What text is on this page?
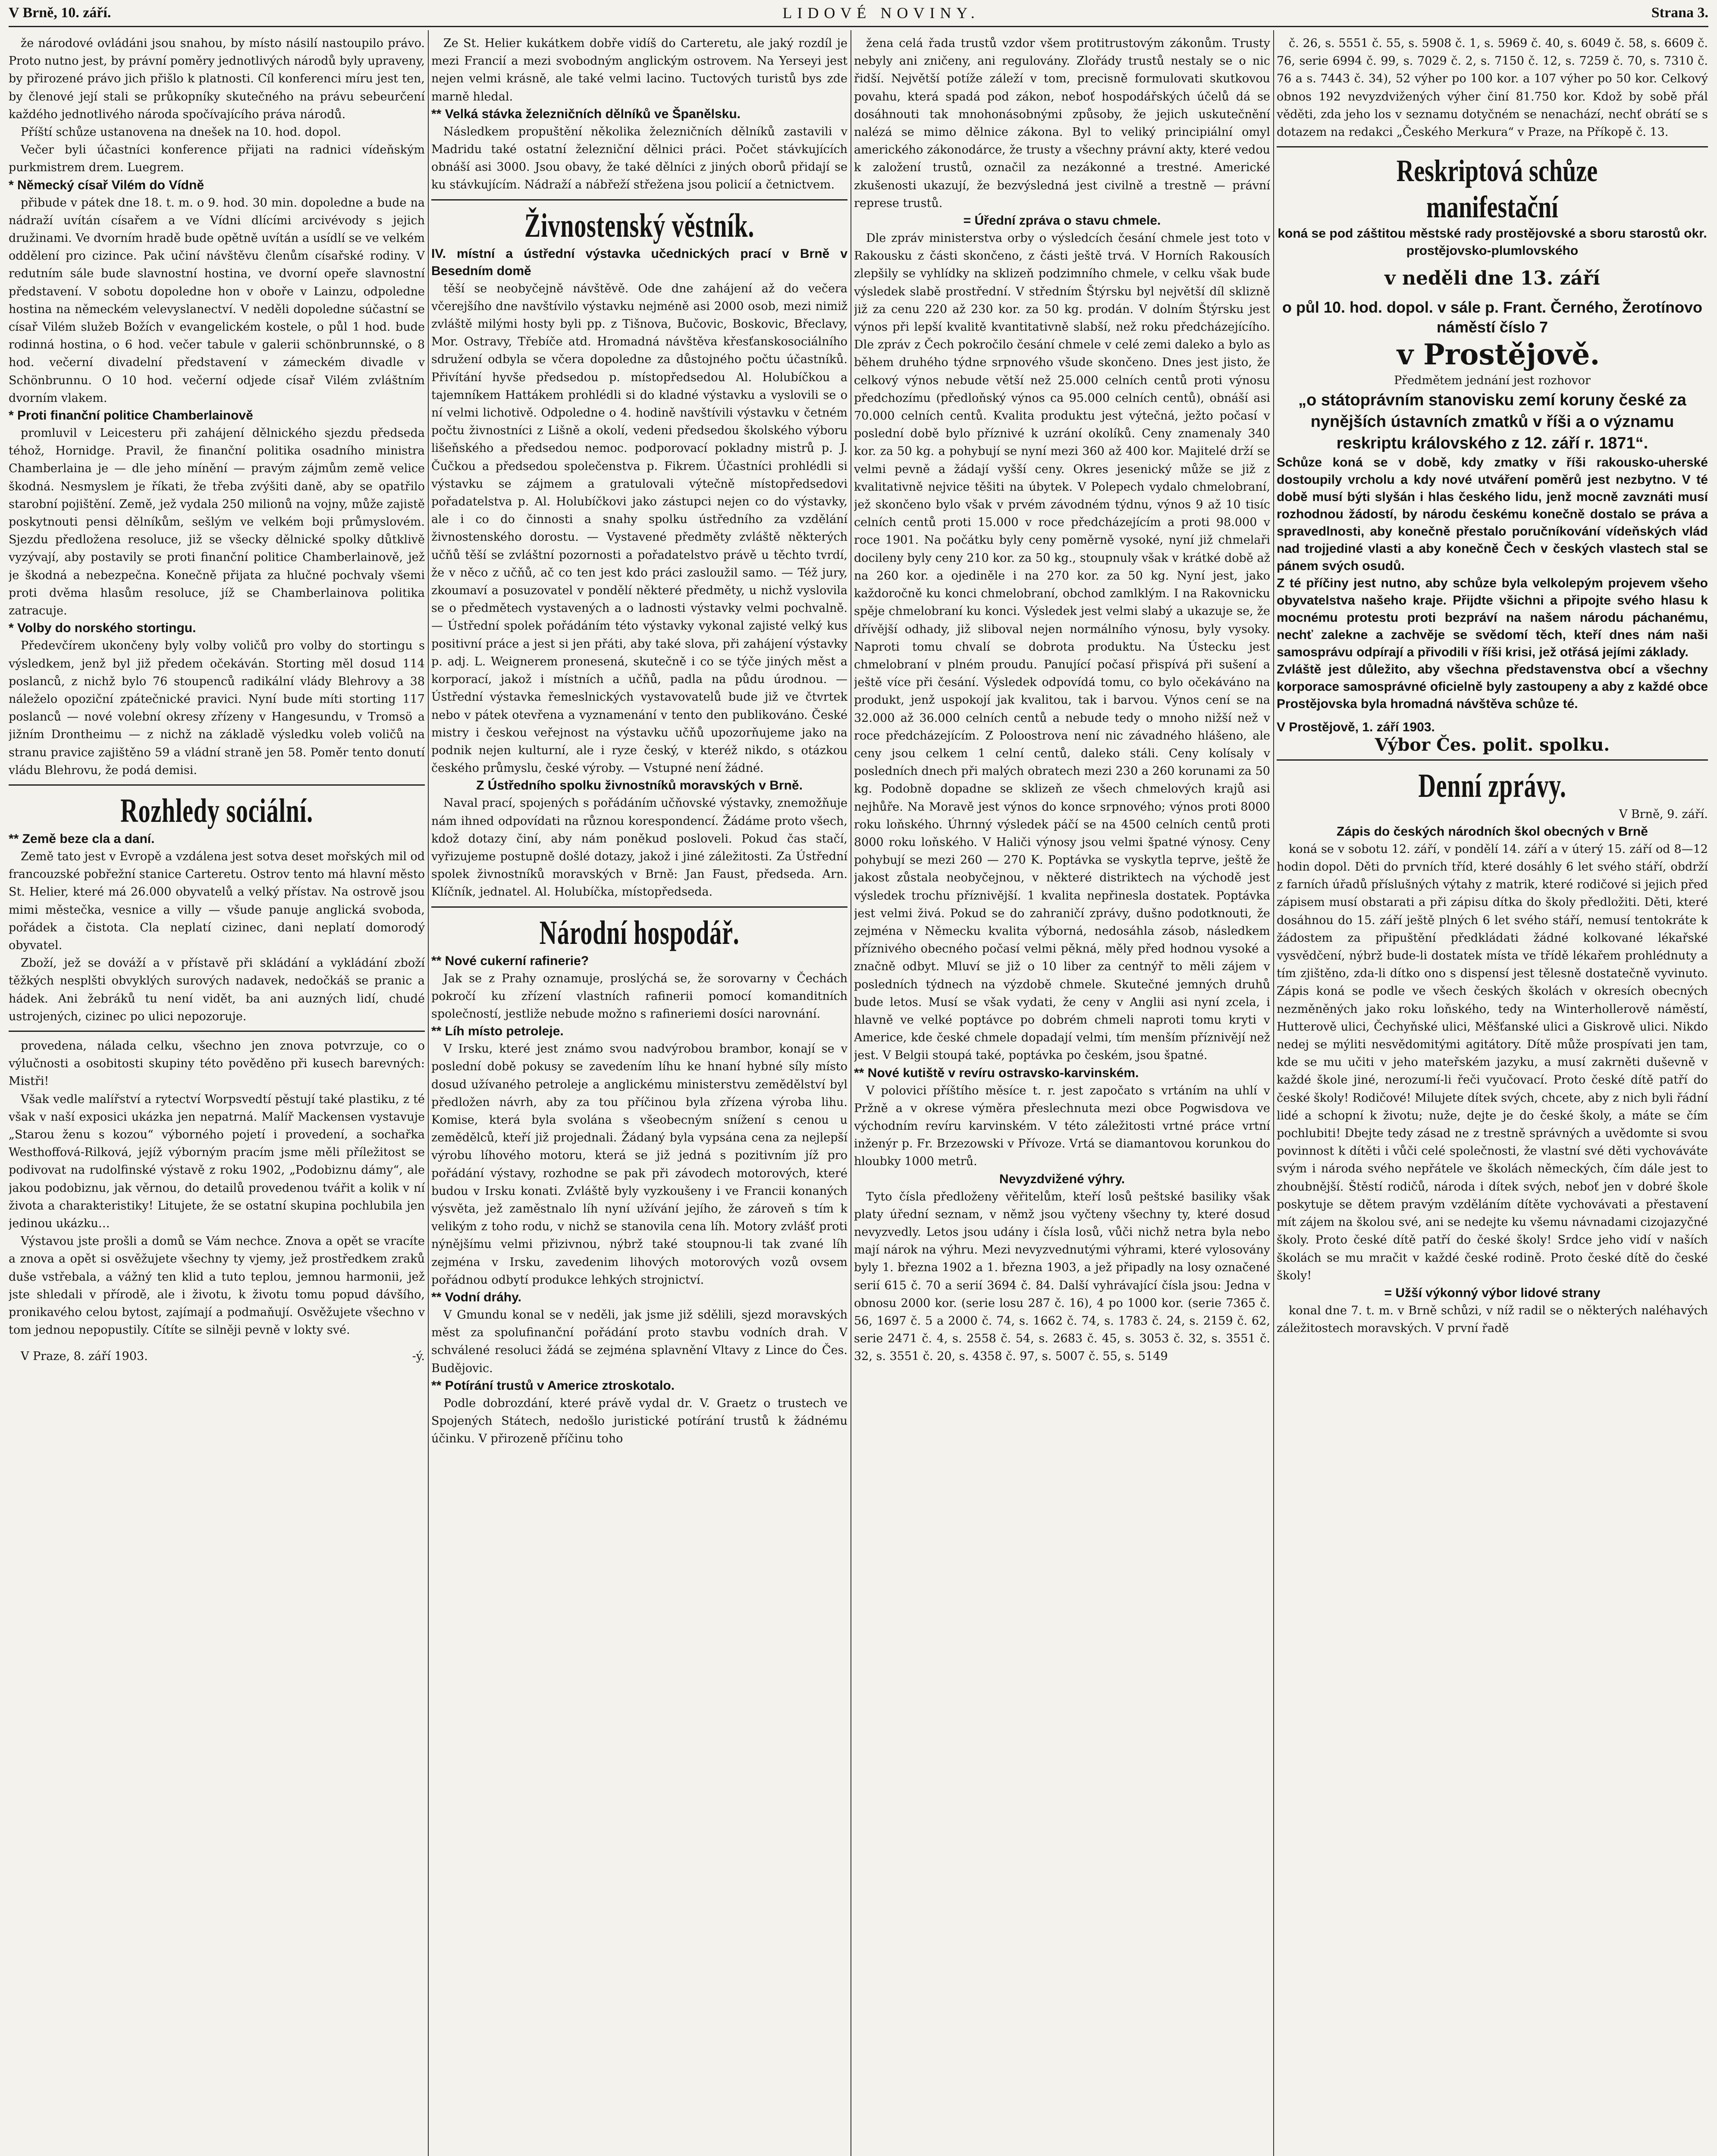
V Brně, 10. září.	LIDOVÉ NOVINY.	Strana 3.

že národové ovládáni jsou snahou, by místo násilí nastoupilo právo. Proto nutno jest, by právní poměry jednotlivých národů byly upraveny, by přirozené právo jich přišlo k platnosti. Cíl konferenci míru jest ten, by členové její stali se průkopníky skutečného na právu sebeurčení každého jednotlivého národa spočívajícího práva národů.

Příští schůze ustanovena na dnešek na 10. hod. dopol.

Večer byli účastníci konference přijati na radnici vídeňským purkmistrem drem. Luegrem.

* Německý císař Vilém do Vídně

přibude v pátek dne 18. t. m. o 9. hod. 30 min. dopoledne a bude na nádraží uvítán císařem a ve Vídni dlícími arcivévody s jejich družinami. Ve dvorním hradě bude opětně uvítán a usídlí se ve velkém oddělení pro cizince. Pak učiní návštěvu členům císařské rodiny. V redutním sále bude slavnostní hostina, ve dvorní opeře slavnostní představení. V sobotu dopoledne hon v oboře v Lainzu, odpoledne hostina na německém velevyslanectví. V neděli dopoledne súčastní se císař Vilém služeb Božích v evangelickém kostele, o půl 1 hod. bude rodinná hostina, o 6 hod. večer tabule v galerii schönbrunnské, o 8 hod. večerní divadelní představení v zámeckém divadle v Schönbrunnu. O 10 hod. večerní odjede císař Vilém zvláštním dvorním vlakem.

* Proti finanční politice Chamberlainově

promluvil v Leicesteru při zahájení dělnického sjezdu předseda téhož, Hornidge. Pravil, že finanční politika osadního ministra Chamberlaina je — dle jeho mínění — pravým zájmům země velice škodná. Nesmyslem je říkati, že třeba zvýšiti daně, aby se opatřilo starobní pojištění. Země, jež vydala 250 milionů na vojny, může zajistě poskytnouti pensi dělníkům, sešlým ve velkém boji průmyslovém. Sjezdu předložena resoluce, již se všecky dělnické spolky důtklivě vyzývají, aby postavily se proti finanční politice Chamberlainově, jež je škodná a nebezpečna. Konečně přijata za hlučné pochvaly všemi proti dvěma hlasům resoluce, jíž se Chamberlainova politika zatracuje.

* Volby do norského stortingu.

Předevčírem ukončeny byly volby voličů pro volby do stortingu s výsledkem, jenž byl již předem očekáván. Storting měl dosud 114 poslanců, z nichž bylo 76 stoupenců radikální vlády Blehrovy a 38 náleželo opoziční zpátečnické pravici. Nyní bude míti storting 117 poslanců — nové volební okresy zřízeny v Hangesundu, v Tromsö a jižním Drontheimu — z nichž na základě výsledku voleb voličů na stranu pravice zajištěno 59 a vládní straně jen 58. Poměr tento donutí vládu Blehrovu, že podá demisi.

Rozhledy sociální.

** Země beze cla a daní.

Země tato jest v Evropě a vzdálena jest sotva deset mořských mil od francouzské pobřežní stanice Carteretu. Ostrov tento má hlavní město St. Helier, které má 26.000 obyvatelů a velký přístav. Na ostrově jsou mimi městečka, vesnice a villy — všude panuje anglická svoboda, pořádek a čistota. Cla neplatí cizinec, dani neplatí domorodý obyvatel.

Zboží, jež se dováží a v přístavě při skládání a vykládání zboží těžkých nesplšti obvyklých surových nadavek, nedočkáš se pranic a hádek. Ani žebráků tu není vidět, ba ani auzných lidí, chudé ustrojených, cizinec po ulici nepozoruje.

provedena, nálada celku, všechno jen znova potvrzuje, co o výlučnosti a osobitosti skupiny této pověděno při kusech barevných: Mistři!

Však vedle malířství a rytectví Worpsvedtí pěstují také plastiku, z té však v naší exposici ukázka jen nepatrná. Malíř Mackensen vystavuje „Starou ženu s kozou“ výborného pojetí i provedení, a sochařka Westhoffová-Rilková, jejíž výborným pracím jsme měli příležitost se podivovat na rudolfinské výstavě z roku 1902, „Podobiznu dámy“, ale jakou podobiznu, jak věrnou, do detailů provedenou tvářit a kolik v ní života a charakteristiky! Litujete, že se ostatní skupina pochlubila jen jedinou ukázku…

Výstavou jste prošli a domů se Vám nechce. Znova a opět se vracíte a znova a opět si osvěžujete všechny ty vjemy, jež prostředkem zraků duše vstřebala, a vážný ten klid a tuto teplou, jemnou harmonii, jež jste shledali v přírodě, ale i životu, k životu tomu popud dávšího, pronikavého celou bytost, zajímají a podmaňují. Osvěžujete všechno v tom jednou nepopustily. Cítíte se silněji pevně v lokty své.

V Praze, 8. září 1903.	-ý.

Ze St. Helier kukátkem dobře vidíš do Carteretu, ale jaký rozdíl je mezi Francií a mezi svobodným anglickým ostrovem. Na Yerseyi jest nejen velmi krásně, ale také velmi lacino. Tuctových turistů bys zde marně hledal.

** Velká stávka železničních dělníků ve Španělsku.

Následkem propuštění několika železničních dělníků zastavili v Madridu také ostatní železniční dělnici práci. Počet stávkujících obnáší asi 3000. Jsou obavy, že také dělníci z jiných oborů přidají se ku stávkujícím. Nádraží a nábřeží střežena jsou policií a četnictvem.

Živnostenský věstník.

IV. místní a ústřední výstavka učednických prací v Brně v Besedním domě

těší se neobyčejně návštěvě. Ode dne zahájení až do večera včerejšího dne navštívilo výstavku nejméně asi 2000 osob, mezi nimiž zvláště milými hosty byli pp. z Tišnova, Bučovic, Boskovic, Břeclavy, Mor. Ostravy, Třebíče atd. Hromadná návštěva křesťanskosociálního sdružení odbyla se včera dopoledne za důstojného počtu účastníků. Přivítání hyvše předsedou p. místopředsedou Al. Holubíčkou a tajemníkem Hattákem prohlédli si do kladné výstavku a vyslovili se o ní velmi lichotivě. Odpoledne o 4. hodině navštívili výstavku v četném počtu živnostníci z Lišně a okolí, vedeni předsedou školského výboru lišeňského a předsedou nemoc. podporovací pokladny mistrů p. J. Čučkou a předsedou společenstva p. Fikrem. Účastníci prohlédli si výstavku se zájmem a gratulovali výtečně místopředsedovi pořadatelstva p. Al. Holubíčkovi jako zástupci nejen co do výstavky, ale i co do činnosti a snahy spolku ústředního za vzdělání živnostenského dorostu. — Vystavené předměty zvláště některých učňů těší se zvláštní pozornosti a pořadatelstvo právě u těchto tvrdí, že v něco z učňů, ač co ten jest kdo práci zasloužil samo. — Též jury, zkoumaví a posuzovatel v pondělí některé předměty, u nichž vyslovila se o předmětech vystavených a o ladnosti výstavky velmi pochvalně. — Ústřední spolek pořádáním této výstavky vykonal zajisté velký kus positivní práce a jest si jen přáti, aby také slova, při zahájení výstavky p. adj. L. Weignerem pronesená, skutečně i co se týče jiných měst a korporací, jakož i místních a učňů, padla na půdu úrodnou. — Ústřední výstavka řemeslnických vystavovatelů bude již ve čtvrtek nebo v pátek otevřena a vyznamenání v tento den publikováno. České mistry i českou veřejnost na výstavku učňů upozorňujeme jako na podnik nejen kulturní, ale i ryze český, v kteréž nikdo, s otázkou českého průmyslu, české výroby. — Vstupné není žádné.

Z Ústředního spolku živnostníků moravských v Brně.

Naval prací, spojených s pořádáním učňovské výstavky, znemožňuje nám ihned odpovídati na různou korespondencí. Žádáme proto všech, kdož dotazy činí, aby nám poněkud posloveli. Pokud čas stačí, vyřizujeme postupně došlé dotazy, jakož i jiné záležitosti. Za Ústřední spolek živnostníků moravských v Brně: Jan Faust, předseda. Arn. Klíčník, jednatel. Al. Holubíčka, místopředseda.

Národní hospodář.

** Nové cukerní rafinerie?

Jak se z Prahy oznamuje, proslýchá se, že sorovarny v Čechách pokročí ku zřízení vlastních rafinerii pomocí komanditních společností, jestliže nebude možno s rafineriemi dosíci narovnání.

** Líh místo petroleje.

V Irsku, které jest známo svou nadvýrobou brambor, konají se v poslední době pokusy se zavedením líhu ke hnaní hybné síly místo dosud užívaného petroleje a anglickému ministerstvu zemědělství byl předložen návrh, aby za tou příčinou byla zřízena výroba lihu. Komise, která byla svolána s všeobecným snížení s cenou u zemědělců, kteří již projednali. Žádaný byla vypsána cena za nejlepší výrobu líhového motoru, která se již jedná s pozitivním jíž pro pořádání výstavy, rozhodne se pak při závodech motorových, které budou v Irsku konati. Zvláště byly vyzkoušeny i ve Francii konaných výsvěta, jež zaměstnalo líh nyní užívání jejího, že zároveň s tím k velikým z toho rodu, v nichž se stanovila cena líh. Motory zvlášť proti nýnějšímu velmi přizivnou, nýbrž také stoupnou-li tak zvané líh zejména v Irsku, zavedenim lihových motorových vozů ovsem pořádnou odbytí produkce lehkých strojnictví.

** Vodní dráhy.

V Gmundu konal se v neděli, jak jsme již sdělili, sjezd moravských měst za spolufinanční pořádání proto stavbu vodních drah. V schválené resoluci žádá se zejména splavnění Vltavy z Lince do Čes. Budějovic.

** Potírání trustů v Americe ztroskotalo.

Podle dobrozdání, které právě vydal dr. V. Graetz o trustech ve Spojených Státech, nedošlo juristické potírání trustů k žádnému účinku. V přirozeně příčinu toho

žena celá řada trustů vzdor všem protitrustovým zákonům. Trusty nebyly ani zničeny, ani regulovány. Zlořády trustů nestaly se o nic řidší. Největší potíže záleží v tom, precisně formulovati skutkovou povahu, která spadá pod zákon, neboť hospodářských účelů dá se dosáhnouti tak mnohonásobnými způsoby, že jejich uskutečnění nalézá se mimo dělnice zákona. Byl to veliký principiální omyl amerického zákonodárce, že trusty a všechny právní akty, které vedou k založení trustů, označil za nezákonné a trestné. Americké zkušenosti ukazují, že bezvýsledná jest civilně a trestně — právní represe trustů.

= Úřední zpráva o stavu chmele.

Dle zpráv ministerstva orby o výsledcích česání chmele jest toto v Rakousku z části skončeno, z části ještě trvá. V Horních Rakousích zlepšily se vyhlídky na sklizeň podzimního chmele, v celku však bude výsledek slabě prostřední. V středním Štýrsku byl největší díl sklizně již za cenu 220 až 230 kor. za 50 kg. prodán. V dolním Štýrsku jest výnos při lepší kvalitě kvantitativně slabší, než roku předcházejícího. Dle zpráv z Čech pokročilo česání chmele v celé zemi daleko a bylo as během druhého týdne srpnového všude skončeno. Dnes jest jisto, že celkový výnos nebude větší než 25.000 celních centů proti výnosu předchozímu (předloňský výnos ca 95.000 celních centů), obnáší asi 70.000 celních centů. Kvalita produktu jest výtečná, ježto počasí v poslední době bylo příznivé k uzrání okolíků. Ceny znamenaly 340 kor. za 50 kg. a pohybují se nyní mezi 360 až 400 kor. Majitelé drží se velmi pevně a žádají vyšší ceny. Okres jesenický může se již z kvalitativně nejvice těšiti na úbytek. V Polepech vydalo chmelobraní, jež skončeno bylo však v prvém závodném týdnu, výnos 9 až 10 tisíc celních centů proti 15.000 v roce předcházejícím a proti 98.000 v roce 1901. Na počátku byly ceny poměrně vysoké, nyní již chmelaři docileny byly ceny 210 kor. za 50 kg., stoupnuly však v krátké době až na 260 kor. a ojediněle i na 270 kor. za 50 kg. Nyní jest, jako každoročně ku konci chmelobraní, obchod zamlklým. I na Rakovnicku spěje chmelobraní ku konci. Výsledek jest velmi slabý a ukazuje se, že dřívější odhady, již sliboval nejen normálního výnosu, byly vysoky. Naproti tomu chvalí se dobrota produktu. Na Ústecku jest chmelobraní v plném proudu. Panující počasí přispívá při sušení a ještě více při česání. Výsledek odpovídá tomu, co bylo očekáváno na produkt, jenž uspokojí jak kvalitou, tak i barvou. Výnos cení se na 32.000 až 36.000 celních centů a nebude tedy o mnoho nižší než v roce předcházejícím. Z Poloostrova není nic závadného hlášeno, ale ceny jsou celkem 1 celní centů, daleko stáli. Ceny kolísaly v posledních dnech při malých obratech mezi 230 a 260 korunami za 50 kg. Podobně dopadne se sklizeň ze všech chmelových krajů asi nejhůře. Na Moravě jest výnos do konce srpnového; výnos proti 8000 roku loňského. Úhrnný výsledek páčí se na 4500 celních centů proti 8000 roku loňského. V Haliči výnosy jsou velmi špatné výnosy. Ceny pohybují se mezi 260 — 270 K. Poptávka se vyskytla teprve, ještě že jakost zůstala neobyčejnou, v některé distriktech na východě jest výsledek trochu příznivější. 1 kvalita nepřinesla dostatek. Poptávka jest velmi živá. Pokud se do zahraničí zprávy, dušno podotknouti, že zejména v Německu kvalita výborná, nedosáhla zásob, následkem příznivého obecného počasí velmi pěkná, měly před hodnou vysoké a značně odbyt. Mluví se již o 10 liber za centnýř to měli zájem v posledních týdnech na výzdobě chmele. Skutečné jemných druhů bude letos. Musí se však vydati, že ceny v Anglii asi nyní zcela, i hlavně ve velké poptávce po dobrém chmeli naproti tomu kryti v Americe, kde české chmele dopadají velmi, tím menším příznivějí než jest. V Belgii stoupá také, poptávka po českém, jsou špatné.

** Nové kutiště v revíru ostravsko-karvinském.

V polovici příštího měsíce t. r. jest započato s vrtáním na uhlí v Pržně a v okrese výměra přeslechnuta mezi obce Pogwisdova ve východním revíru karvinském. V této záležitosti vrtné práce vrtní inženýr p. Fr. Brzezowski v Přívoze. Vrtá se diamantovou korunkou do hloubky 1000 metrů.

Nevyzdvižené výhry.

Tyto čísla předloženy věřitelům, kteří losů peštské basiliky však platy úřední seznam, v němž jsou vyčteny všechny ty, které dosud nevyzvedly. Letos jsou udány i čísla losů, vůči nichž netra byla nebo mají nárok na výhru. Mezi nevyzvednutými výhrami, které vylosovány byly 1. března 1902 a 1. března 1903, a jež připadly na losy označené serií 615 č. 70 a serií 3694 č. 84. Další vyhrávající čísla jsou: Jedna v obnosu 2000 kor. (serie losu 287 č. 16), 4 po 1000 kor. (serie 7365 č. 56, 1697 č. 5 a 2000 č. 74, s. 1662 č. 74, s. 1783 č. 24, s. 2159 č. 62, serie 2471 č. 4, s. 2558 č. 54, s. 2683 č. 45, s. 3053 č. 32, s. 3551 č. 32, s. 3551 č. 20, s. 4358 č. 97, s. 5007 č. 55, s. 5149

č. 26, s. 5551 č. 55, s. 5908 č. 1, s. 5969 č. 40, s. 6049 č. 58, s. 6609 č. 76, serie 6994 č. 99, s. 7029 č. 2, s. 7150 č. 12, s. 7259 č. 70, s. 7310 č. 76 a s. 7443 č. 34), 52 výher po 100 kor. a 107 výher po 50 kor. Celkový obnos 192 nevyzdvižených výher činí 81.750 kor. Kdož by sobě přál věděti, zda jeho los v seznamu dotyčném se nenachází, nechť obrátí se s dotazem na redakci „Českého Merkura“ v Praze, na Příkopě č. 13.

Reskriptová schůze manifestační

koná se pod záštitou městské rady prostějovské a sboru starostů okr. prostějovsko-plumlovského

v neděli dne 13. září

o půl 10. hod. dopol. v sále p. Frant. Černého, Žerotínovo náměstí číslo 7

v Prostějově.

Předmětem jednání jest rozhovor

„o státoprávním stanovisku zemí koruny české za nynějších ústavních zmatků v říši a o významu reskriptu královského z 12. září r. 1871“.

Schůze koná se v době, kdy zmatky v říši rakousko-uherské dostoupily vrcholu a kdy nové utváření poměrů jest nezbytno. V té době musí býti slyšán i hlas českého lidu, jenž mocně zavznáti musí rozhodnou žádostí, by národu českému konečně dostalo se práva a spravedlnosti, aby konečně přestalo poručníkování vídeňských vlád nad trojjediné vlasti a aby konečně Čech v českých vlastech stal se pánem svých osudů.

Z té příčiny jest nutno, aby schůze byla velkolepým projevem všeho obyvatelstva našeho kraje. Přijdte všichni a připojte svého hlasu k mocnému protestu proti bezpráví na našem národu páchanému, nechť zalekne a zachvěje se svědomí těch, kteří dnes nám naši samosprávu odpírají a přivodili v říši krisi, jež otřásá jejími základy.

Zvláště jest důležito, aby všechna představenstva obcí a všechny korporace samosprávné oficielně byly zastoupeny a aby z každé obce Prostějovska byla hromadná návštěva schůze té.

V Prostějově, 1. září 1903.

Výbor Čes. polit. spolku.

Denní zprávy.

V Brně, 9. září.

Zápis do českých národních škol obecných v Brně

koná se v sobotu 12. září, v pondělí 14. září a v úterý 15. září od 8—12 hodin dopol. Děti do prvních tříd, které dosáhly 6 let svého stáří, obdrží z farních úřadů příslušných výtahy z matrik, které rodičové si jejich před zápisem musí obstarati a při zápisu dítka do školy předložiti. Děti, které dosáhnou do 15. září ještě plných 6 let svého stáří, nemusí tentokráte k žádostem za připuštění předkládati žádné kolkované lékařské vysvědčení, nýbrž bude-li dostatek místa ve třídě lékařem prohlédnuty a tím zjištěno, zda-li dítko ono s dispensí jest tělesně dostatečně vyvinuto. Zápis koná se podle ve všech českých školách v okresích obecných nezměněných jako roku loňského, tedy na Winterhollerově náměstí, Hutterově ulici, Čechyňské ulici, Měšťanské ulici a Giskrově ulici. Nikdo nedej se mýliti nesvědomitými agitátory. Dítě může prospívati jen tam, kde se mu učiti v jeho mateřském jazyku, a musí zakrněti duševně v každé škole jiné, nerozumí-li řeči vyučovací. Proto české dítě patří do české školy! Rodičové! Milujete dítek svých, chcete, aby z nich byli řádní lidé a schopní k životu; nuže, dejte je do české školy, a máte se čím pochlubiti! Dbejte tedy zásad ne z trestně správných a uvědomte si svou povinnost k dítěti i vůči celé společnosti, že vlastní své děti vychováváte svým i národa svého nepřátele ve školách německých, čím dále jest to zhoubnější. Štěstí rodičů, národa i dítek svých, neboť jen v dobré škole poskytuje se dětem pravým vzděláním dítěte vychovávati a přestavení mít zájem na školou své, ani se nedejte ku všemu návnadami cizojazyčné školy. Proto české dítě patří do české školy! Srdce jeho vidí v naších školách se mu mračit v každé české rodině. Proto české dítě do české školy!

= Užší výkonný výbor lidové strany

konal dne 7. t. m. v Brně schůzi, v níž radil se o některých naléhavých záležitostech moravských. V první řadě
